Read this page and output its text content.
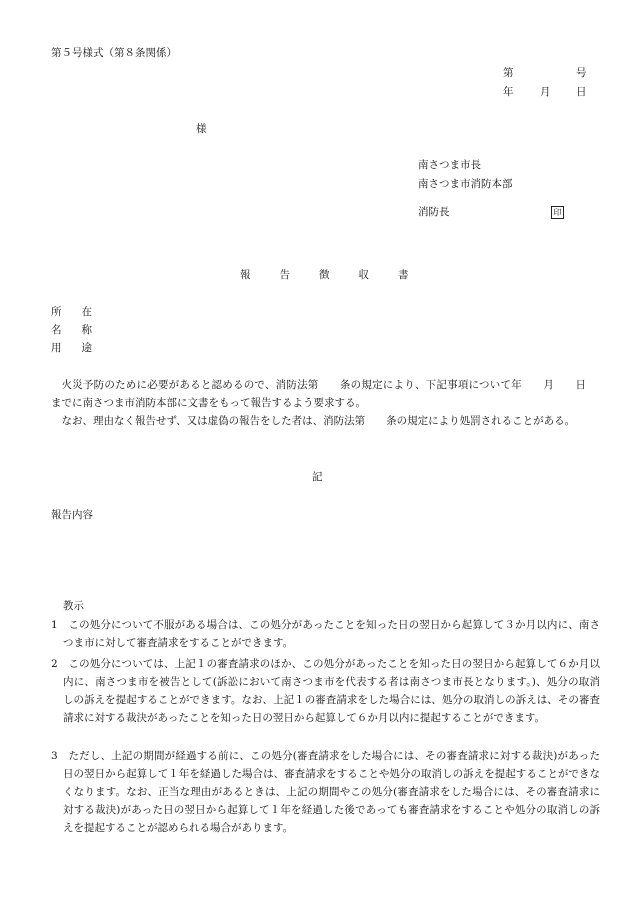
第５号様式（第８条関係）
第	号
年	月 日
様
南さつま市長
南さつま市消防本部
消防長	印
報告徴収書
所在
名称
用途
火災予防のために必要があると認めるので、消防法第　　条の規定により、下記事項について年　　月　　日までに南さつま市消防本部に文書をもって報告するよう要求する。
なお、理由なく報告せず、又は虚偽の報告をした者は、消防法第　　条の規定により処罰されることがある。
記
報告内容
教示
1　この処分について不服がある場合は、この処分があったことを知った日の翌日から起算して３か月以内に、南さつま市に対して審査請求をすることができます。
2　この処分については、上記１の審査請求のほか、この処分があったことを知った日の翌日から起算して６か月以内に、南さつま市を被告として(訴訟において南さつま市を代表する者は南さつま市長となります。)、処分の取消しの訴えを提起することができます。なお、上記１の審査請求をした場合には、処分の取消しの訴えは、その審査請求に対する裁決があったことを知った日の翌日から起算して６か月以内に提起することができます。
3　ただし、上記の期間が経過する前に、この処分(審査請求をした場合には、その審査請求に対する裁決)があった日の翌日から起算して１年を経過した場合は、審査請求をすることや処分の取消しの訴えを提起することができなくなります。なお、正当な理由があるときは、上記の期間やこの処分(審査請求をした場合には、その審査請求に対する裁決)があった日の翌日から起算して１年を経過した後であっても審査請求をすることや処分の取消しの訴えを提起することが認められる場合があります。
